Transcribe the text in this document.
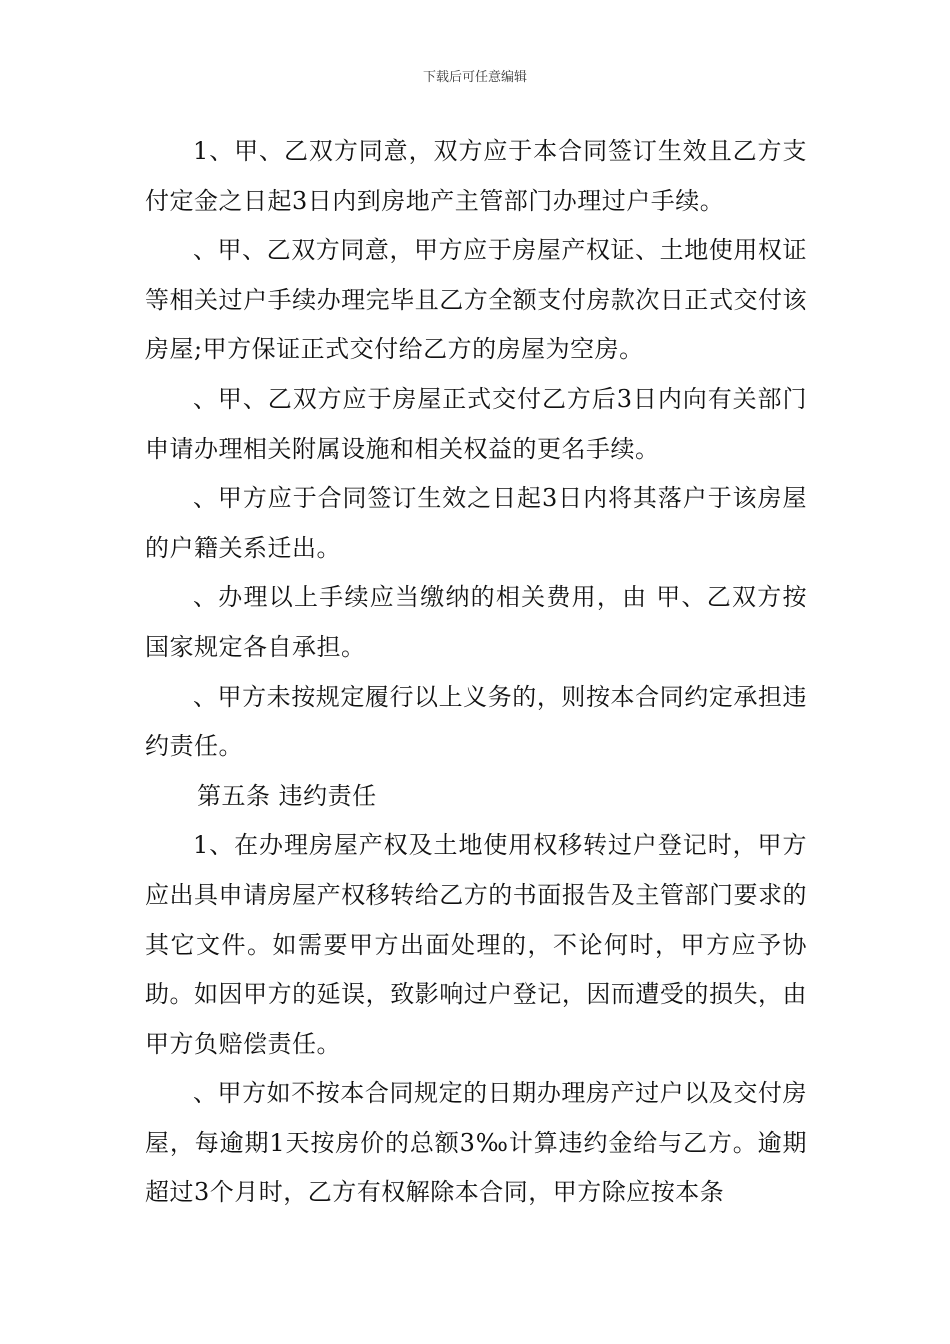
下载后可任意编辑

1、甲、乙双方同意，双方应于本合同签订生效且乙方支付定金之日起3日内到房地产主管部门办理过户手续。

、甲、乙双方同意，甲方应于房屋产权证、土地使用权证等相关过户手续办理完毕且乙方全额支付房款次日正式交付该房屋;甲方保证正式交付给乙方的房屋为空房。

、甲、乙双方应于房屋正式交付乙方后3日内向有关部门申请办理相关附属设施和相关权益的更名手续。

、甲方应于合同签订生效之日起3日内将其落户于该房屋的户籍关系迁出。

、办理以上手续应当缴纳的相关费用，由 甲、乙双方按国家规定各自承担。

、甲方未按规定履行以上义务的，则按本合同约定承担违约责任。

第五条 违约责任

1、在办理房屋产权及土地使用权移转过户登记时，甲方应出具申请房屋产权移转给乙方的书面报告及主管部门要求的其它文件。如需要甲方出面处理的，不论何时，甲方应予协助。如因甲方的延误，致影响过户登记，因而遭受的损失，由甲方负赔偿责任。

、甲方如不按本合同规定的日期办理房产过户以及交付房屋，每逾期1天按房价的总额3‰计算违约金给与乙方。逾期超过3个月时，乙方有权解除本合同，甲方除应按本条
